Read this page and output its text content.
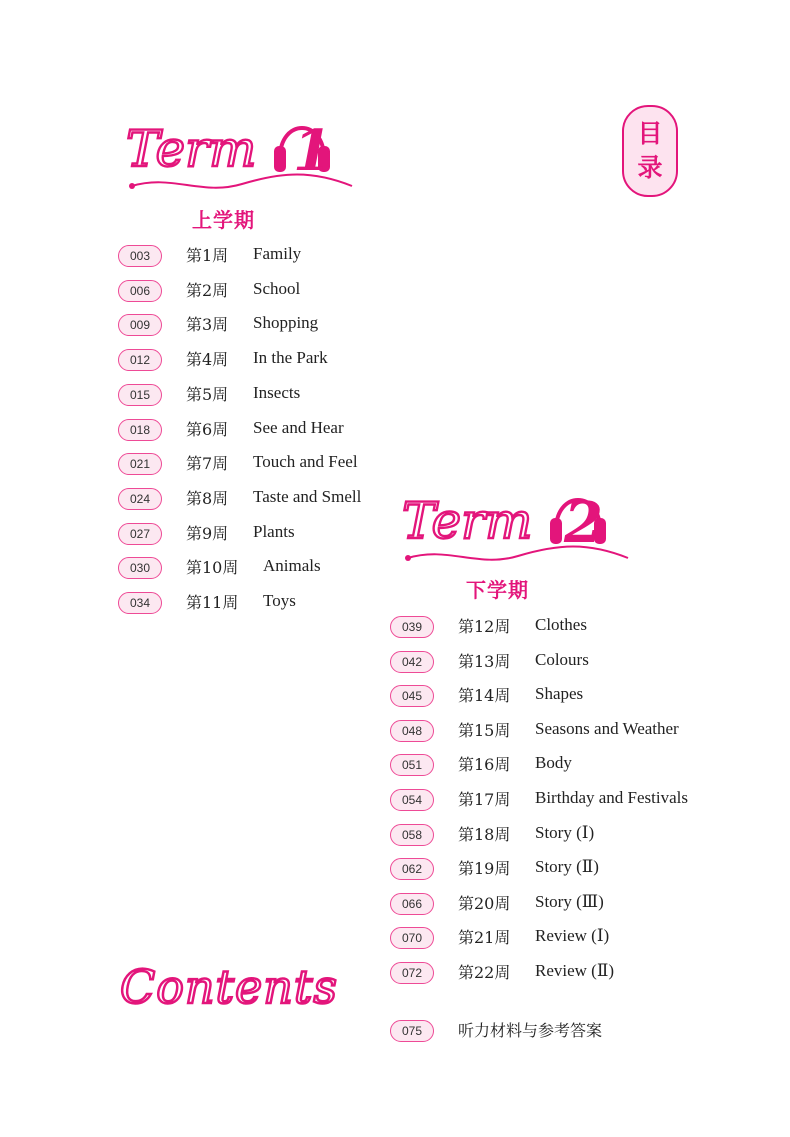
Term 1
上学期
目
录
003	第1周 Family
006	第2周 School
009	第3周 Shopping
012	第4周 In the Park
015	第5周 Insects
018	第6周 See and Hear
021	第7周 Touch and Feel
024	第8周 Taste and Smell
027	第9周 Plants
030	第10周 Animals
034	第11周 Toys
Term 2
下学期
039	第12周 Clothes
042	第13周 Colours
045	第14周 Shapes
048	第15周 Seasons and Weather
051	第16周 Body
054	第17周 Birthday and Festivals
058	第18周 Story (Ⅰ)
062	第19周 Story (Ⅱ)
066	第20周 Story (Ⅲ)
070	第21周 Review (Ⅰ)
072	第22周 Review (Ⅱ)
075	听力材料与参考答案
Contents
